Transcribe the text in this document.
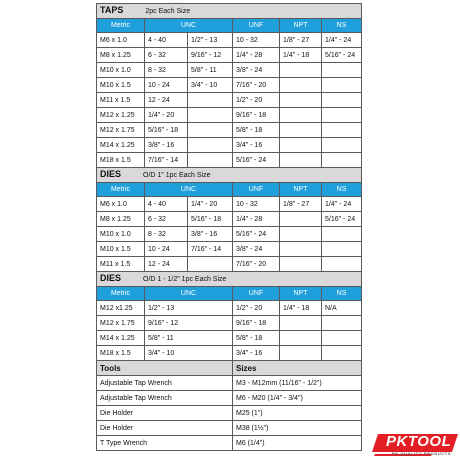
TAPS 2pc Each Size					
Metric	UNC		UNF	NPT	NS
M6 x 1.0	4 - 40	1/2" - 13	10 - 32	1/8" - 27	1/4" - 24
M8 x 1.25	6 - 32	9/16" - 12	1/4" - 28	1/4" - 18	5/16" - 24
M10 x 1.0	8 - 32	5/8" - 11	3/8" - 24		
M10 x 1.5	10 - 24	3/4" - 10	7/16" - 20		
M11 x 1.5	12 - 24		1/2" - 20		
M12 x 1.25	1/4" - 20		9/16" - 18		
M12 x 1.75	5/16" - 18		5/8" - 18		
M14 x 1.25	3/8" - 16		3/4" - 16		
M18 x 1.5	7/16" - 14		5/16" - 24		
DIES O/D 1" 1pc Each Size					
Metric	UNC		UNF	NPT	NS
M6 x 1.0	4 - 40	1/4" - 20	10 - 32	1/8" - 27	1/4" - 24
M8 x 1.25	6 - 32	5/16" - 18	1/4" - 28		5/16" - 24
M10 x 1.0	8 - 32	3/8" - 16	5/16" - 24		
M10 x 1.5	10 - 24	7/16" - 14	3/8" - 24		
M11 x 1.5	12 - 24		7/16" - 20		
DIES O/D 1 - 1/2" 1pc Each Size					
Metric	UNC		UNF	NPT	NS
M12 x1.25	1/2" - 13		1/2" - 20	1/4" - 18	N/A
M12 x 1.75	9/16" - 12		9/16" - 18		
M14 x 1.25	5/8" - 11		5/8" - 18		
M18 x 1.5	3/4" - 10		3/4" - 16		
Tools			Sizes		
Adjustable Tap Wrench			M3 - M12mm (11/16" - 1/2")		
Adjustable Tap Wrench			M6 - M20 (1/4" - 3/4")		
Die Holder			M25 (1")		
Die Holder			M38 (1½")		
T Type Wrench			M6 (1/4")			PKTOOL
PK QUALITY PRODUCTS
